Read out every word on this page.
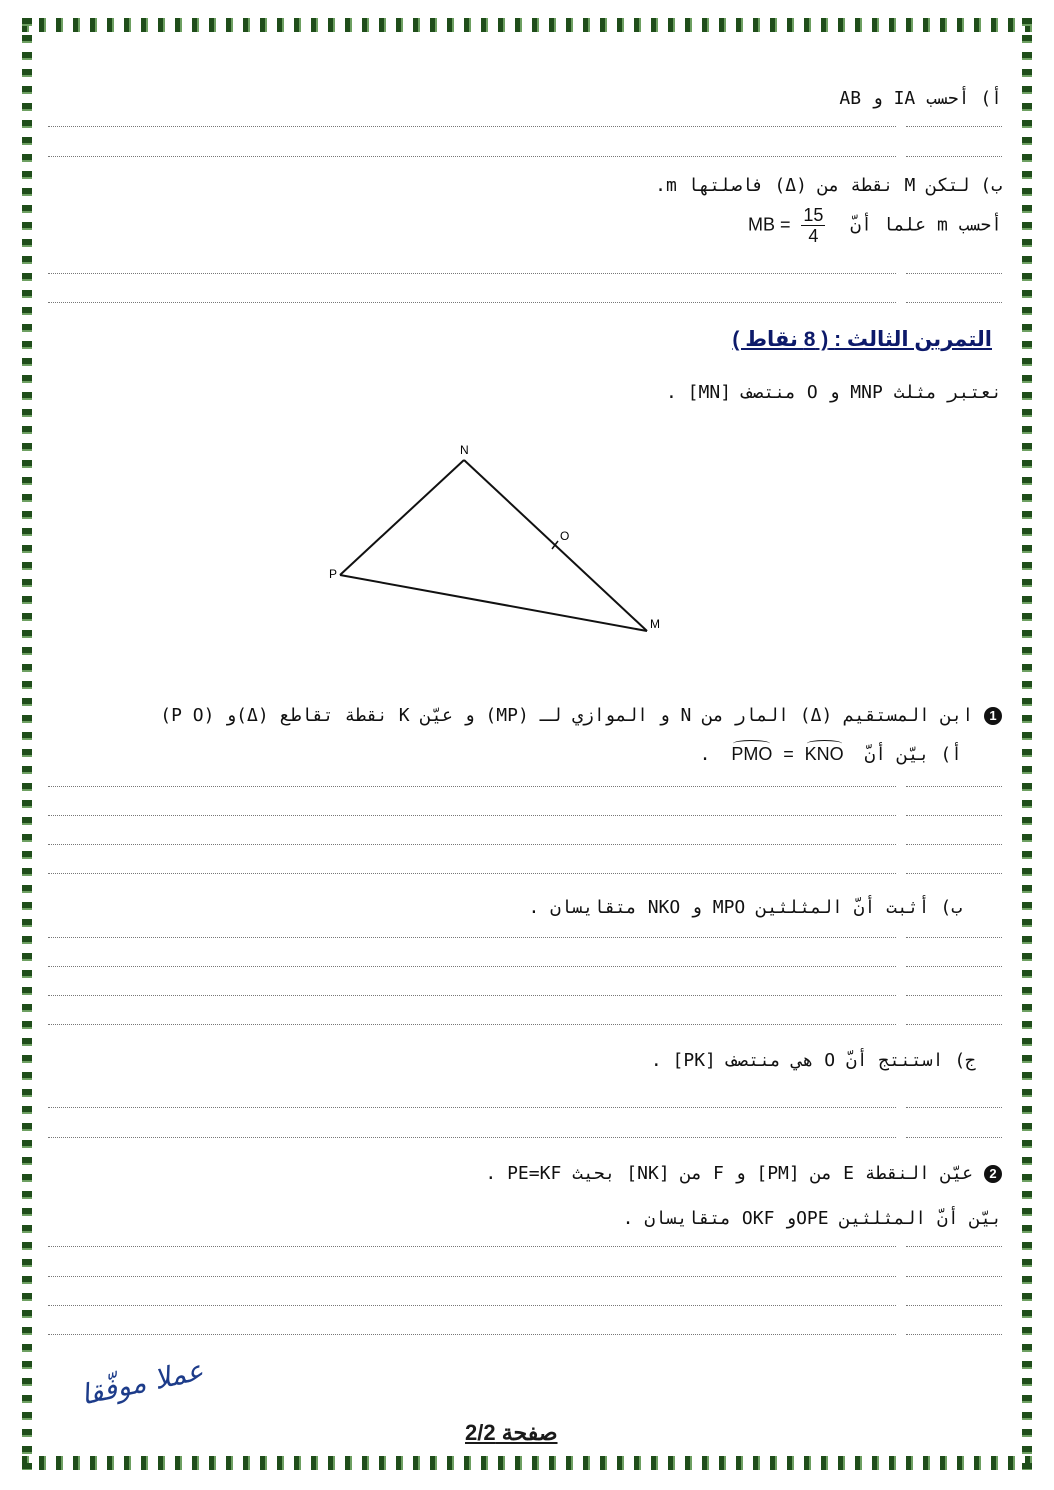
أ) أحسب IA و AB
ب) لتكن M نقطة من (Δ) فاصلتها m.
أحسب m علما أنّ MB = $\frac{15}{4}$
التمرين الثالث : ( 8 نقاط )
نعتبر مثلث MNP و O منتصف [MN] .
N
O
P
M
1 ابن المستقيم (Δ) المار من N و الموازي لـ (MP) و عيّن K نقطة تقاطع (Δ)و (P O)
أ) بيّن أنّ PMO = KNO .
ب) أثبت أنّ المثلثين MPO و NKO متقايسان .
ج) استنتج أنّ O هي منتصف [PK] .
2 عيّن النقطة E من [PM] و F من [NK] بحيث PE=KF .
بيّن أنّ المثلثين OPEو OKF متقايسان .
عملا موفّقا
صفحة 2/2
